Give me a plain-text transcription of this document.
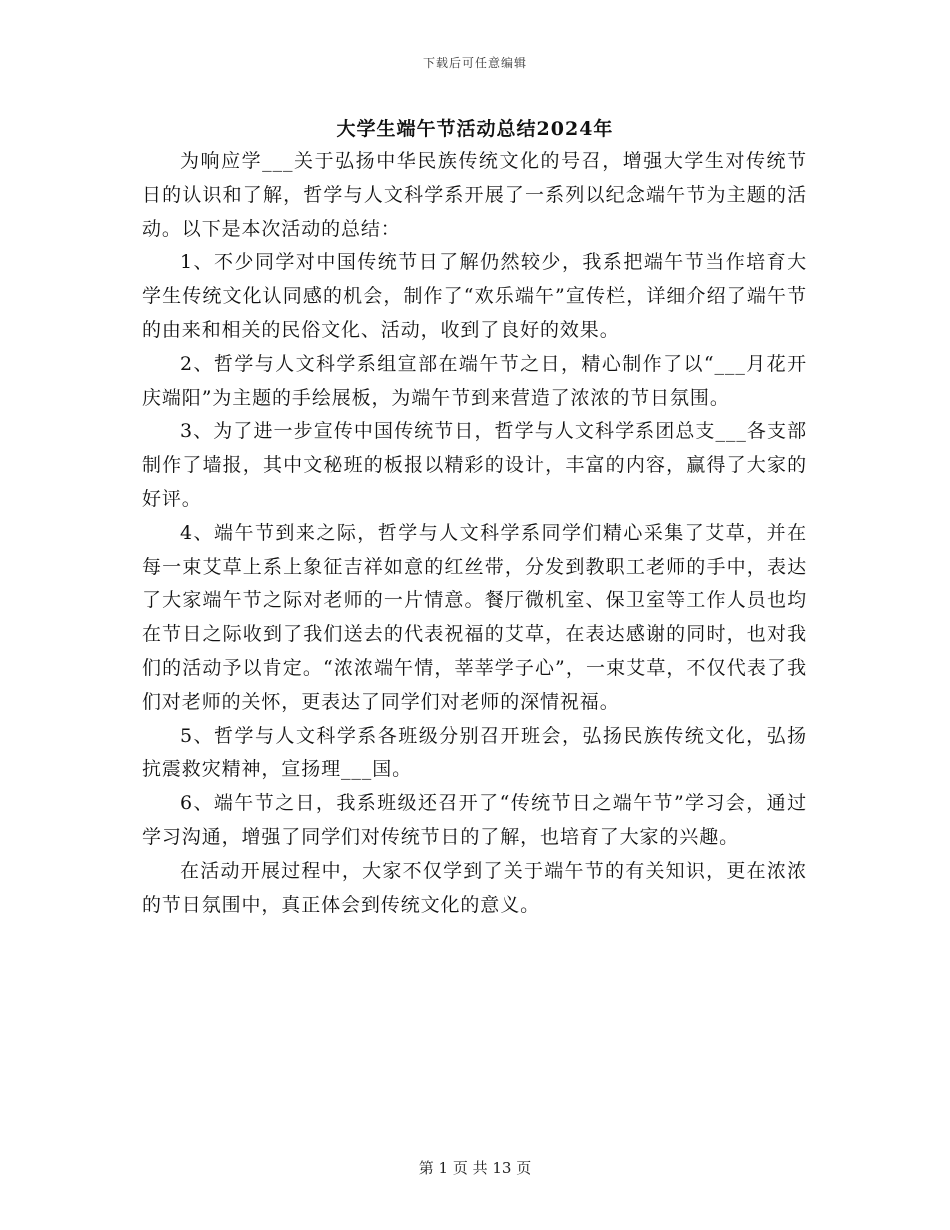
下载后可任意编辑
大学生端午节活动总结2024年

为响应学___关于弘扬中华民族传统文化的号召，增强大学生对传统节日的认识和了解，哲学与人文科学系开展了一系列以纪念端午节为主题的活动。以下是本次活动的总结：

1、不少同学对中国传统节日了解仍然较少，我系把端午节当作培育大学生传统文化认同感的机会，制作了“欢乐端午”宣传栏，详细介绍了端午节的由来和相关的民俗文化、活动，收到了良好的效果。

2、哲学与人文科学系组宣部在端午节之日，精心制作了以“___月花开庆端阳”为主题的手绘展板，为端午节到来营造了浓浓的节日氛围。

3、为了进一步宣传中国传统节日，哲学与人文科学系团总支___各支部制作了墙报，其中文秘班的板报以精彩的设计，丰富的内容，赢得了大家的好评。

4、端午节到来之际，哲学与人文科学系同学们精心采集了艾草，并在每一束艾草上系上象征吉祥如意的红丝带，分发到教职工老师的手中，表达了大家端午节之际对老师的一片情意。餐厅微机室、保卫室等工作人员也均在节日之际收到了我们送去的代表祝福的艾草，在表达感谢的同时，也对我们的活动予以肯定。“浓浓端午情，莘莘学子心”，一束艾草，不仅代表了我们对老师的关怀，更表达了同学们对老师的深情祝福。

5、哲学与人文科学系各班级分别召开班会，弘扬民族传统文化，弘扬抗震救灾精神，宣扬理___国。

6、端午节之日，我系班级还召开了“传统节日之端午节”学习会，通过学习沟通，增强了同学们对传统节日的了解，也培育了大家的兴趣。

在活动开展过程中，大家不仅学到了关于端午节的有关知识，更在浓浓的节日氛围中，真正体会到传统文化的意义。

第 1 页 共 13 页
